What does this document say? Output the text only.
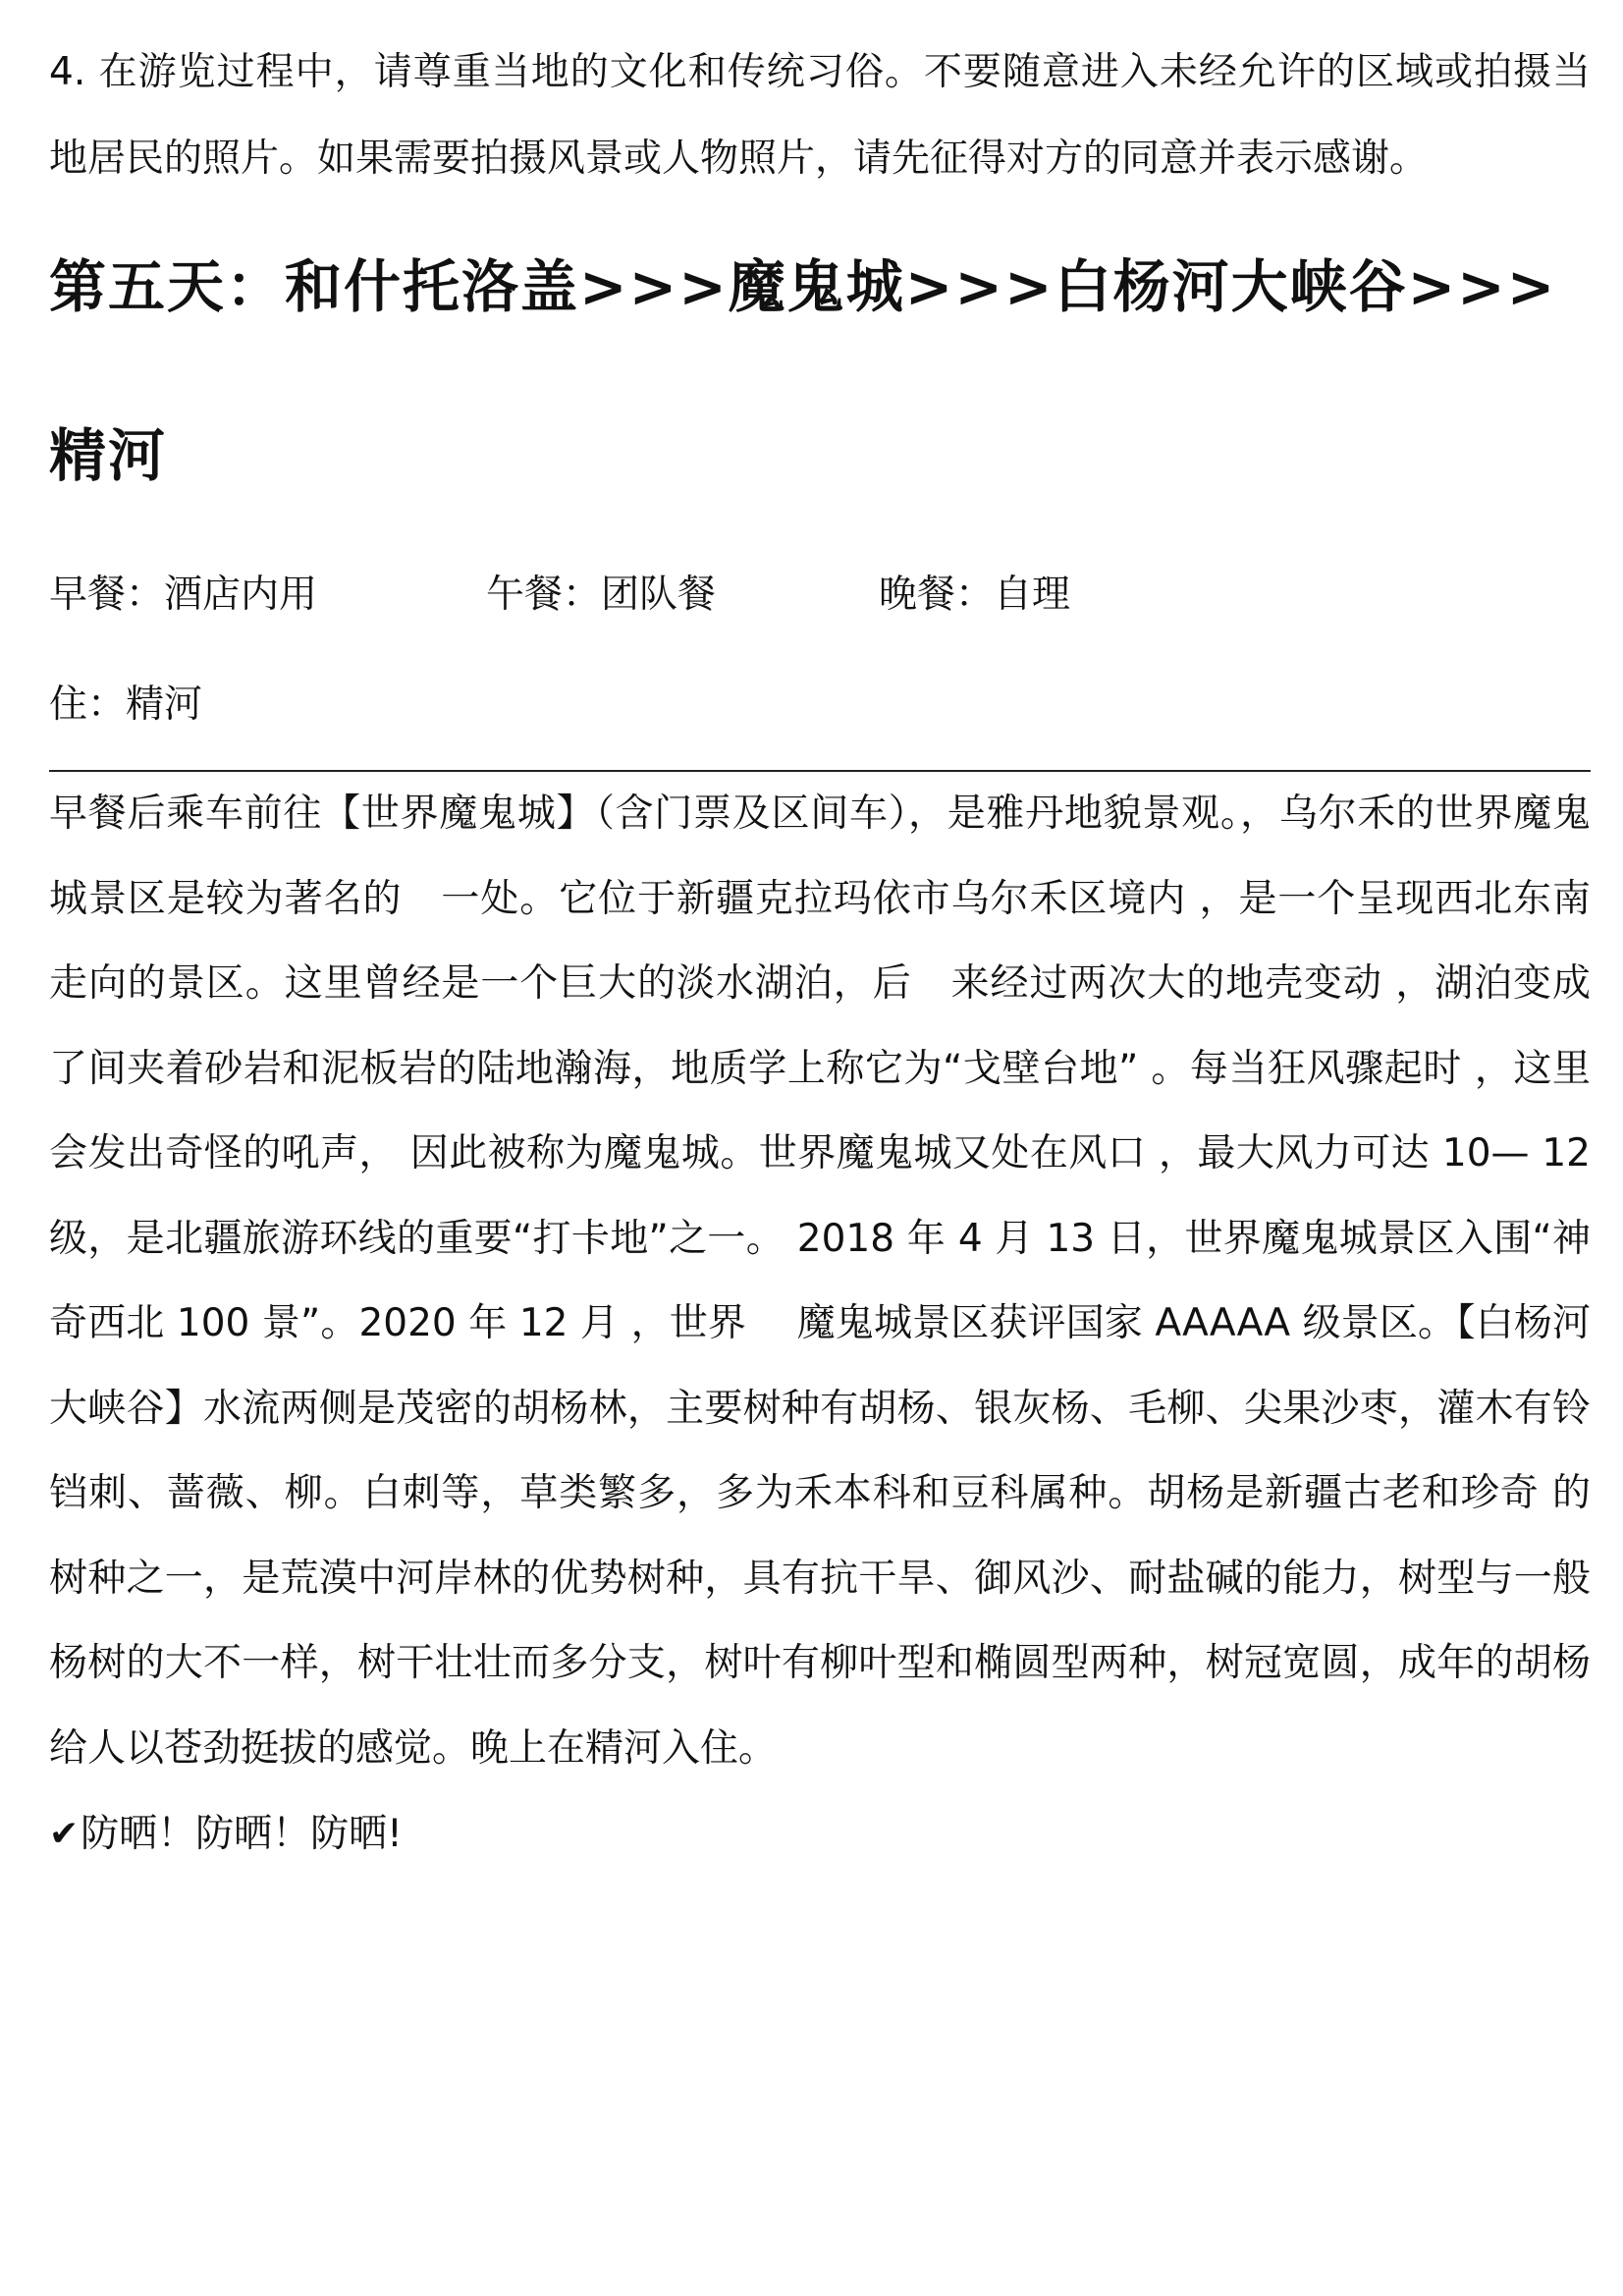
4. 在游览过程中，请尊重当地的文化和传统习俗。不要随意进入未经允许的区域或拍摄当地居民的照片。如果需要拍摄风景或人物照片，请先征得对方的同意并表示感谢。

第五天：和什托洛盖>>>魔鬼城>>>白杨河大峡谷>>>精河
早餐：酒店内用	午餐：团队餐	晚餐：自理
住：精河

早餐后乘车前往【世界魔鬼城】（含门票及区间车），是雅丹地貌景观。，乌尔禾的世界魔鬼城景区是较为著名的　一处。它位于新疆克拉玛依市乌尔禾区境内 ，是一个呈现西北东南走向的景区。这里曾经是一个巨大的淡水湖泊，后　来经过两次大的地壳变动 ，湖泊变成了间夹着砂岩和泥板岩的陆地瀚海，地质学上称它为“戈壁台地” 。每当狂风骤起时 ，这里会发出奇怪的吼声， 因此被称为魔鬼城。世界魔鬼城又处在风口 ，最大风力可达 10— 12 级，是北疆旅游环线的重要“打卡地”之一。 2018 年 4 月 13 日，世界魔鬼城景区入围“神奇西北 100 景”。2020 年 12 月 ，世界　 魔鬼城景区获评国家 AAAAA 级景区。【白杨河大峡谷】水流两侧是茂密的胡杨林，主要树种有胡杨、银灰杨、毛柳、尖果沙枣，灌木有铃铛刺、蔷薇、柳。白刺等，草类繁多，多为禾本科和豆科属种。胡杨是新疆古老和珍奇 的树种之一，是荒漠中河岸林的优势树种，具有抗干旱、御风沙、耐盐碱的能力，树型与一般杨树的大不一样，树干壮壮而多分支，树叶有柳叶型和椭圆型两种，树冠宽圆，成年的胡杨给人以苍劲挺拔的感觉。晚上在精河入住。

✔ 防晒！防晒！防晒!
